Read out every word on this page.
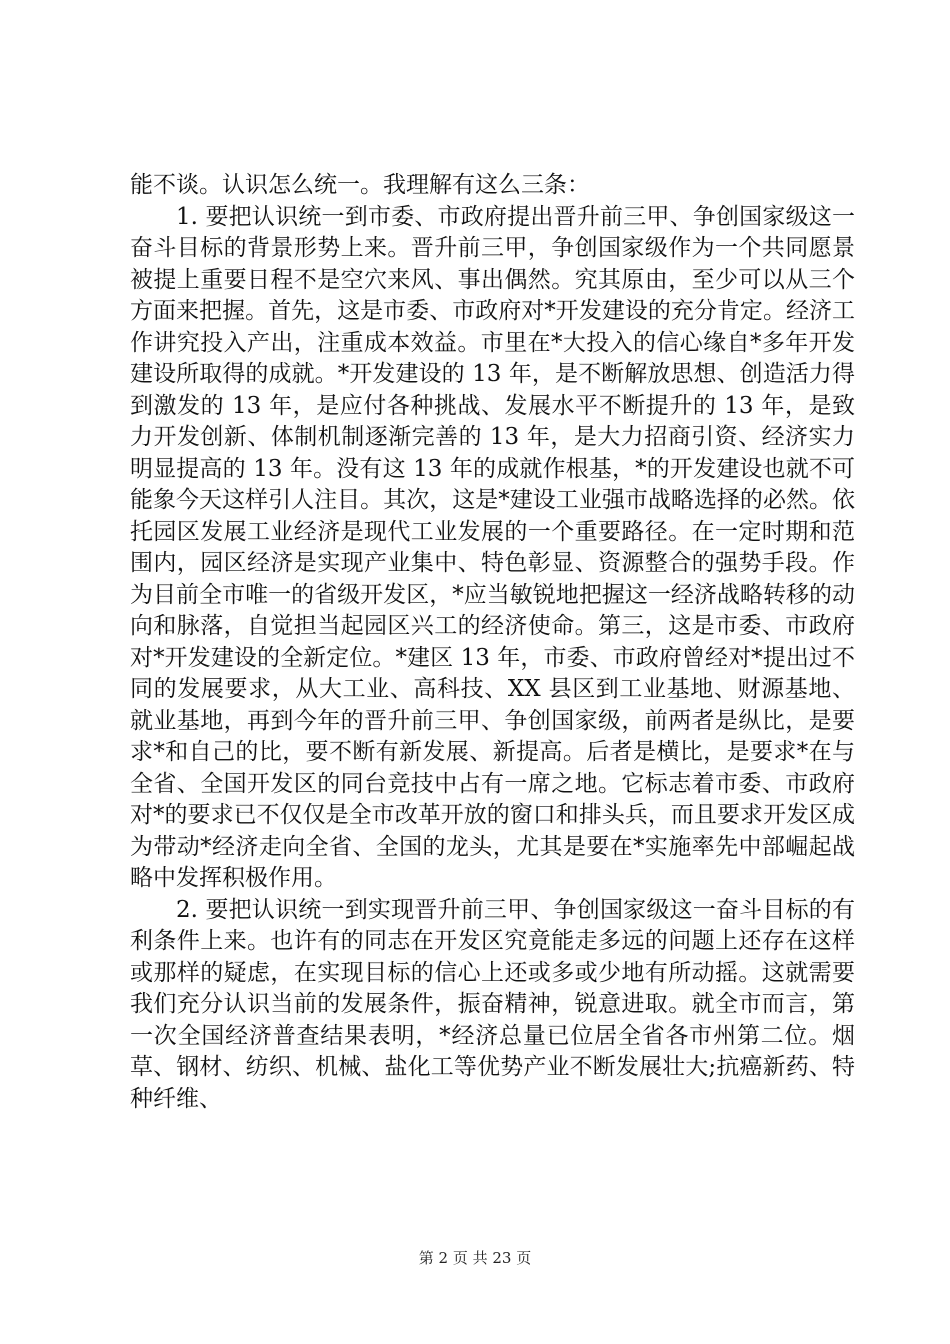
能不谈。认识怎么统一。我理解有这么三条：

1. 要把认识统一到市委、市政府提出晋升前三甲、争创国家级这一奋斗目标的背景形势上来。晋升前三甲，争创国家级作为一个共同愿景被提上重要日程不是空穴来风、事出偶然。究其原由，至少可以从三个方面来把握。首先，这是市委、市政府对*开发建设的充分肯定。经济工作讲究投入产出，注重成本效益。市里在*大投入的信心缘自*多年开发建设所取得的成就。*开发建设的 13 年，是不断解放思想、创造活力得到激发的 13 年，是应付各种挑战、发展水平不断提升的 13 年，是致力开发创新、体制机制逐渐完善的 13 年，是大力招商引资、经济实力明显提高的 13 年。没有这 13 年的成就作根基，*的开发建设也就不可能象今天这样引人注目。其次，这是*建设工业强市战略选择的必然。依托园区发展工业经济是现代工业发展的一个重要路径。在一定时期和范围内，园区经济是实现产业集中、特色彰显、资源整合的强势手段。作为目前全市唯一的省级开发区，*应当敏锐地把握这一经济战略转移的动向和脉落，自觉担当起园区兴工的经济使命。第三，这是市委、市政府对*开发建设的全新定位。*建区 13 年，市委、市政府曾经对*提出过不同的发展要求，从大工业、高科技、XX 县区到工业基地、财源基地、就业基地，再到今年的晋升前三甲、争创国家级，前两者是纵比，是要求*和自己的比，要不断有新发展、新提高。后者是横比，是要求*在与全省、全国开发区的同台竞技中占有一席之地。它标志着市委、市政府对*的要求已不仅仅是全市改革开放的窗口和排头兵，而且要求开发区成为带动*经济走向全省、全国的龙头，尤其是要在*实施率先中部崛起战略中发挥积极作用。

2. 要把认识统一到实现晋升前三甲、争创国家级这一奋斗目标的有利条件上来。也许有的同志在开发区究竟能走多远的问题上还存在这样或那样的疑虑，在实现目标的信心上还或多或少地有所动摇。这就需要我们充分认识当前的发展条件，振奋精神，锐意进取。就全市而言，第一次全国经济普查结果表明，*经济总量已位居全省各市州第二位。烟草、钢材、纺织、机械、盐化工等优势产业不断发展壮大;抗癌新药、特种纤维、

第 2 页 共 23 页
